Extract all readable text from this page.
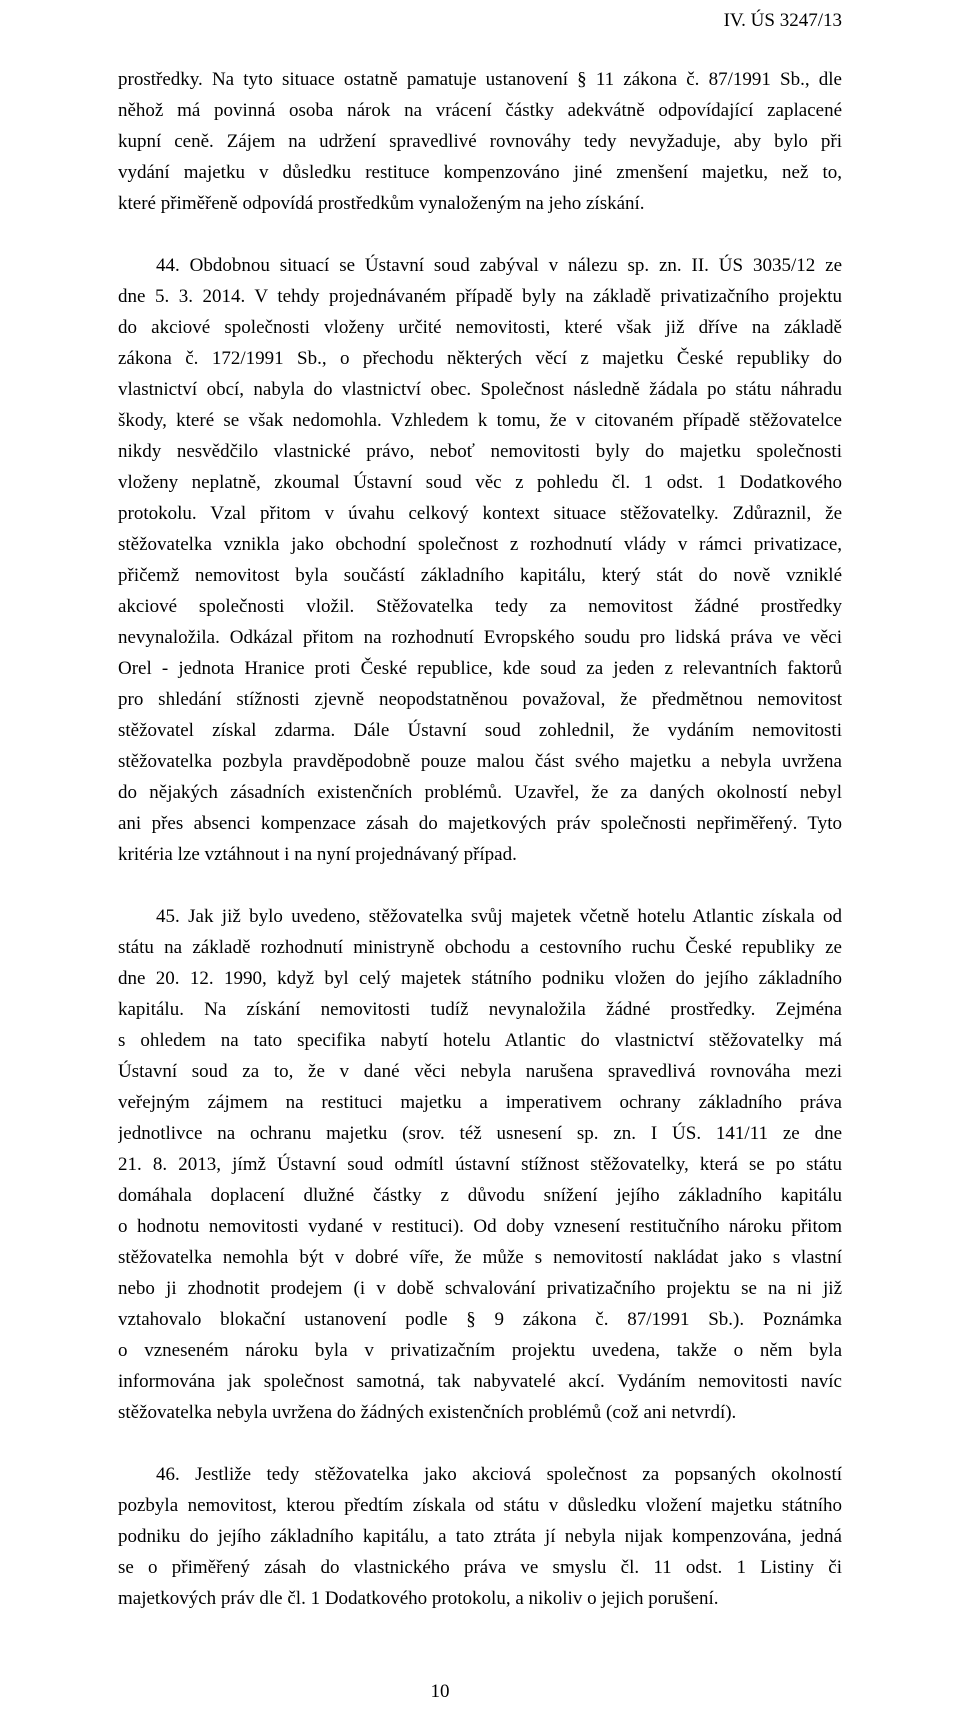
IV. ÚS 3247/13
prostředky. Na tyto situace ostatně pamatuje ustanovení § 11 zákona č. 87/1991 Sb., dle
něhož má povinná osoba nárok na vrácení částky adekvátně odpovídající zaplacené
kupní ceně. Zájem na udržení spravedlivé rovnováhy tedy nevyžaduje, aby bylo při
vydání majetku v důsledku restituce kompenzováno jiné zmenšení majetku, než to,
které přiměřeně odpovídá prostředkům vynaloženým na jeho získání.
44. Obdobnou situací se Ústavní soud zabýval v nálezu sp. zn. II. ÚS 3035/12 ze
dne 5. 3. 2014. V tehdy projednávaném případě byly na základě privatizačního projektu
do akciové společnosti vloženy určité nemovitosti, které však již dříve na základě
zákona č. 172/1991 Sb., o přechodu některých věcí z majetku České republiky do
vlastnictví obcí, nabyla do vlastnictví obec. Společnost následně žádala po státu náhradu
škody, které se však nedomohla. Vzhledem k tomu, že v citovaném případě stěžovatelce
nikdy nesvědčilo vlastnické právo, neboť nemovitosti byly do majetku společnosti
vloženy neplatně, zkoumal Ústavní soud věc z pohledu čl. 1 odst. 1 Dodatkového
protokolu. Vzal přitom v úvahu celkový kontext situace stěžovatelky. Zdůraznil, že
stěžovatelka vznikla jako obchodní společnost z rozhodnutí vlády v rámci privatizace,
přičemž nemovitost byla součástí základního kapitálu, který stát do nově vzniklé
akciové společnosti vložil. Stěžovatelka tedy za nemovitost žádné prostředky
nevynaložila. Odkázal přitom na rozhodnutí Evropského soudu pro lidská práva ve věci
Orel - jednota Hranice proti České republice, kde soud za jeden z relevantních faktorů
pro shledání stížnosti zjevně neopodstatněnou považoval, že předmětnou nemovitost
stěžovatel získal zdarma. Dále Ústavní soud zohlednil, že vydáním nemovitosti
stěžovatelka pozbyla pravděpodobně pouze malou část svého majetku a nebyla uvržena
do nějakých zásadních existenčních problémů. Uzavřel, že za daných okolností nebyl
ani přes absenci kompenzace zásah do majetkových práv společnosti nepřiměřený. Tyto
kritéria lze vztáhnout i na nyní projednávaný případ.
45. Jak již bylo uvedeno, stěžovatelka svůj majetek včetně hotelu Atlantic získala od
státu na základě rozhodnutí ministryně obchodu a cestovního ruchu České republiky ze
dne 20. 12. 1990, když byl celý majetek státního podniku vložen do jejího základního
kapitálu. Na získání nemovitosti tudíž nevynaložila žádné prostředky. Zejména
s ohledem na tato specifika nabytí hotelu Atlantic do vlastnictví stěžovatelky má
Ústavní soud za to, že v dané věci nebyla narušena spravedlivá rovnováha mezi
veřejným zájmem na restituci majetku a imperativem ochrany základního práva
jednotlivce na ochranu majetku (srov. též usnesení sp. zn. I ÚS. 141/11 ze dne
21. 8. 2013, jímž Ústavní soud odmítl ústavní stížnost stěžovatelky, která se po státu
domáhala doplacení dlužné částky z důvodu snížení jejího základního kapitálu
o hodnotu nemovitosti vydané v restituci). Od doby vznesení restitučního nároku přitom
stěžovatelka nemohla být v dobré víře, že může s nemovitostí nakládat jako s vlastní
nebo ji zhodnotit prodejem (i v době schvalování privatizačního projektu se na ni již
vztahovalo blokační ustanovení podle § 9 zákona č. 87/1991 Sb.). Poznámka
o vzneseném nároku byla v privatizačním projektu uvedena, takže o něm byla
informována jak společnost samotná, tak nabyvatelé akcí. Vydáním nemovitosti navíc
stěžovatelka nebyla uvržena do žádných existenčních problémů (což ani netvrdí).
46. Jestliže tedy stěžovatelka jako akciová společnost za popsaných okolností
pozbyla nemovitost, kterou předtím získala od státu v důsledku vložení majetku státního
podniku do jejího základního kapitálu, a tato ztráta jí nebyla nijak kompenzována, jedná
se o přiměřený zásah do vlastnického práva ve smyslu čl. 11 odst. 1 Listiny či
majetkových práv dle čl. 1 Dodatkového protokolu, a nikoliv o jejich porušení.
10
